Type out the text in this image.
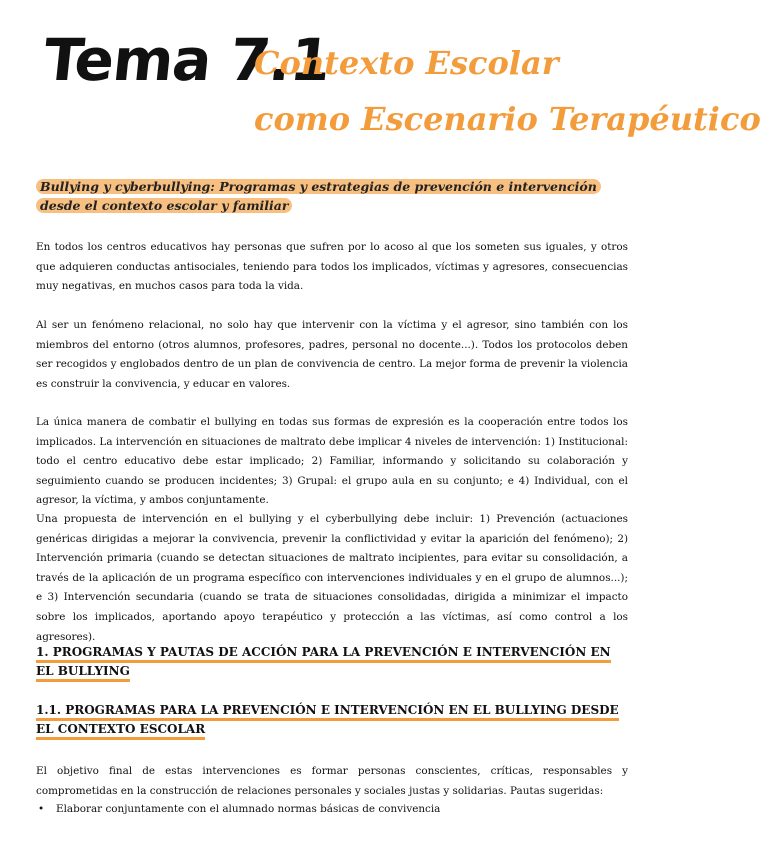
Tema 7.1
Contexto Escolar
como Escenario Terapéutico
Bullying y cyberbullying: Programas y estrategias de prevención e intervención desde el contexto escolar y familiar

En todos los centros educativos hay personas que sufren por lo acoso al que los someten sus iguales, y otros que adquieren conductas antisociales, teniendo para todos los implicados, víctimas y agresores, consecuencias muy negativas, en muchos casos para toda la vida.

Al ser un fenómeno relacional, no solo hay que intervenir con la víctima y el agresor, sino también con los miembros del entorno (otros alumnos, profesores, padres, personal no docente...). Todos los protocolos deben ser recogidos y englobados dentro de un plan de convivencia de centro. La mejor forma de prevenir la violencia es construir la convivencia, y educar en valores.

La única manera de combatir el bullying en todas sus formas de expresión es la cooperación entre todos los implicados. La intervención en situaciones de maltrato debe implicar 4 niveles de intervención: 1) Institucional: todo el centro educativo debe estar implicado; 2) Familiar, informando y solicitando su colaboración y seguimiento cuando se producen incidentes; 3) Grupal: el grupo aula en su conjunto; e 4) Individual, con el agresor, la víctima, y ambos conjuntamente.

Una propuesta de intervención en el bullying y el cyberbullying debe incluir: 1) Prevención (actuaciones genéricas dirigidas a mejorar la convivencia, prevenir la conflictividad y evitar la aparición del fenómeno); 2) Intervención primaria (cuando se detectan situaciones de maltrato incipientes, para evitar su consolidación, a través de la aplicación de un programa específico con intervenciones individuales y en el grupo de alumnos...); e 3) Intervención secundaria (cuando se trata de situaciones consolidadas, dirigida a minimizar el impacto sobre los implicados, aportando apoyo terapéutico y protección a las víctimas, así como control a los agresores).

1. PROGRAMAS Y PAUTAS DE ACCIÓN PARA LA PREVENCIÓN E INTERVENCIÓN EN EL BULLYING
1.1. PROGRAMAS PARA LA PREVENCIÓN E INTERVENCIÓN EN EL BULLYING DESDE EL CONTEXTO ESCOLAR

El objetivo final de estas intervenciones es formar personas conscientes, críticas, responsables y comprometidas en la construcción de relaciones personales y sociales justas y solidarias. Pautas sugeridas:

• Elaborar conjuntamente con el alumnado normas básicas de convivencia
